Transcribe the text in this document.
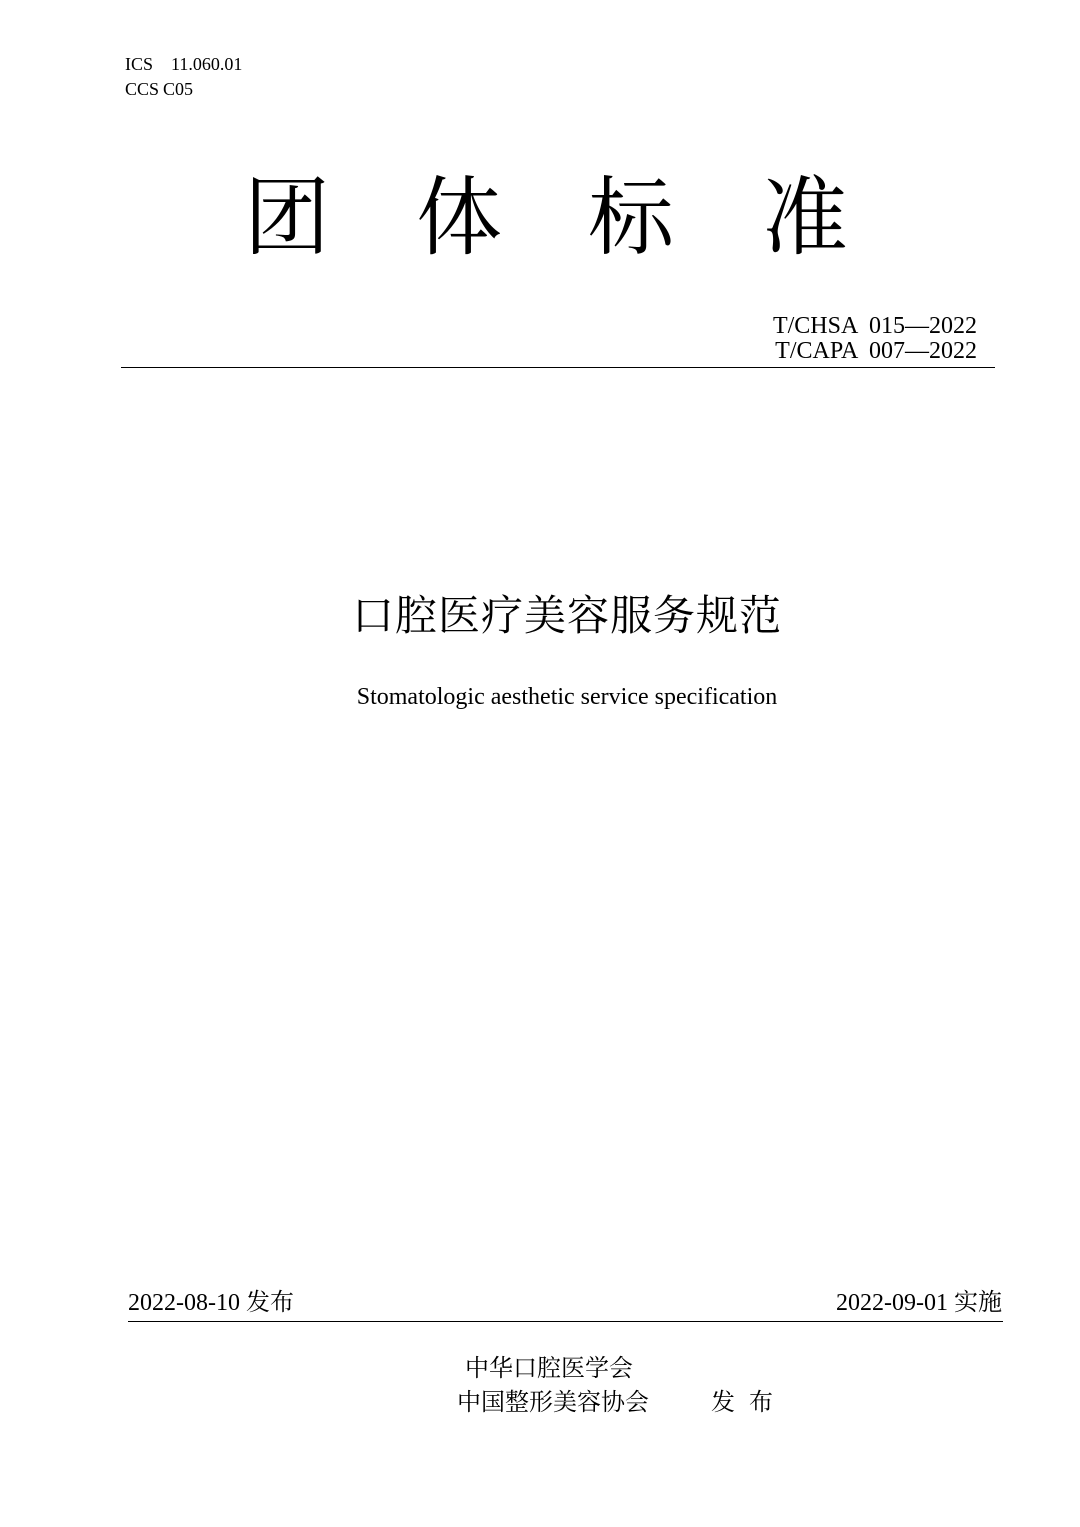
ICS 11.060.01
CCS C05
团 体 标 准
T/CHSA  015—2022
T/CAPA  007—2022
口腔医疗美容服务规范
Stomatologic aesthetic service specification
2022-08-10 发布	2022-09-01 实施
中华口腔医学会
中国整形美容协会	发布
